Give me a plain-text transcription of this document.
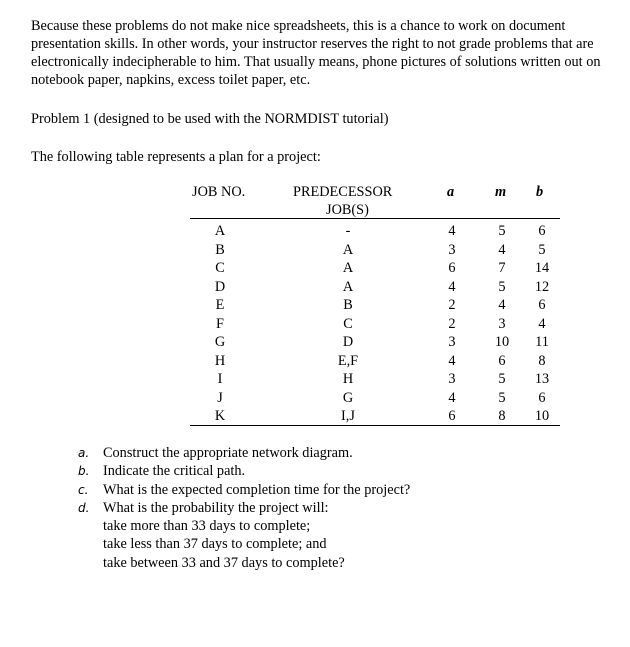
Because these problems do not make nice spreadsheets, this is a chance to work on document presentation skills. In other words, your instructor reserves the right to not grade problems that are electronically indecipherable to him. That usually means, phone pictures of solutions written out on notebook paper, napkins, excess toilet paper, etc.

Problem 1 (designed to be used with the NORMDIST tutorial)

The following table represents a plan for a project:

JOB NO.	PREDECESSOR
JOB(S)
a	m b
A
B
C
D
E
F
G
H
I
J
K
-
A
A
A
B
C
D
E,F
H
G
I,J
4
3
6
4
2
2
3
4
3
4
6
5
4
7
5
4
3
10
6
5
5
8
6
5
14
12
6
4
11
8
13
6
10
a. Construct the appropriate network diagram.
b. Indicate the critical path.
c. What is the expected completion time for the project?
d. What is the probability the project will:
take more than 33 days to complete;
take less than 37 days to complete; and
take between 33 and 37 days to complete?
